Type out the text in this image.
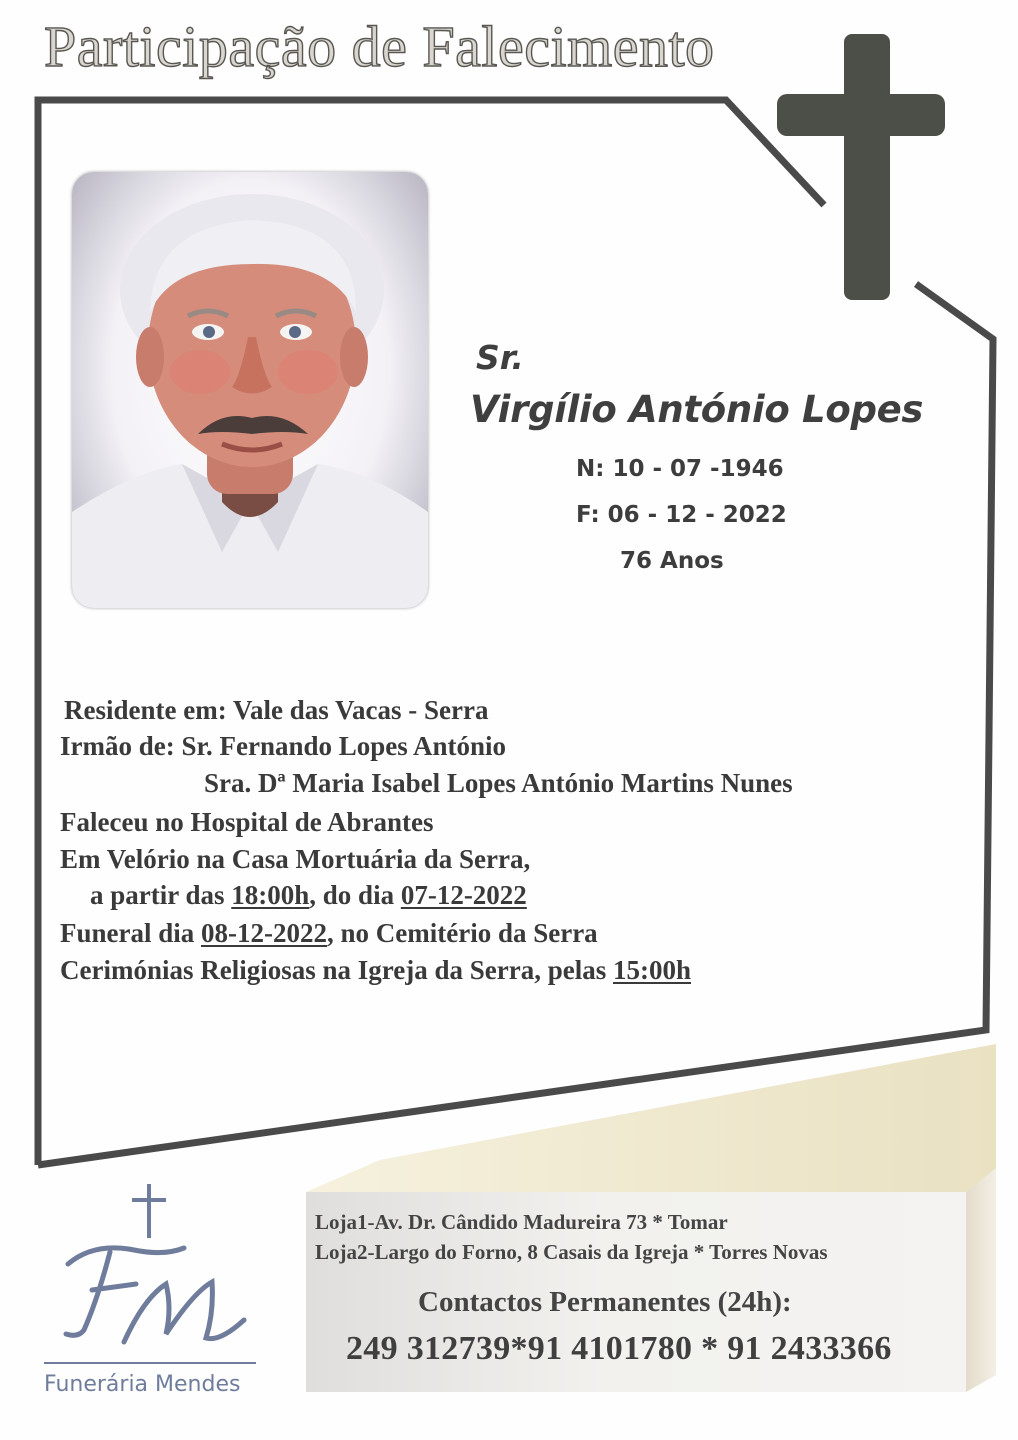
Participação de Falecimento
Sr.
Virgílio António Lopes
N: 10 - 07 -1946
F: 06 - 12 - 2022
76 Anos
Residente em: Vale das Vacas - Serra
Irmão de: Sr. Fernando Lopes António
Sra. Dª Maria Isabel Lopes António Martins Nunes
Faleceu no Hospital de Abrantes
Em Velório na Casa Mortuária da Serra,
a partir das 18:00h, do dia 07-12-2022
Funeral dia 08-12-2022, no Cemitério da Serra
Cerimónias Religiosas na Igreja da Serra, pelas 15:00h
Funerária Mendes
Loja1-Av. Dr. Cândido Madureira 73 * Tomar
Loja2-Largo do Forno, 8 Casais da Igreja * Torres Novas
Contactos Permanentes (24h):
249 312739*91 4101780 * 91 2433366
